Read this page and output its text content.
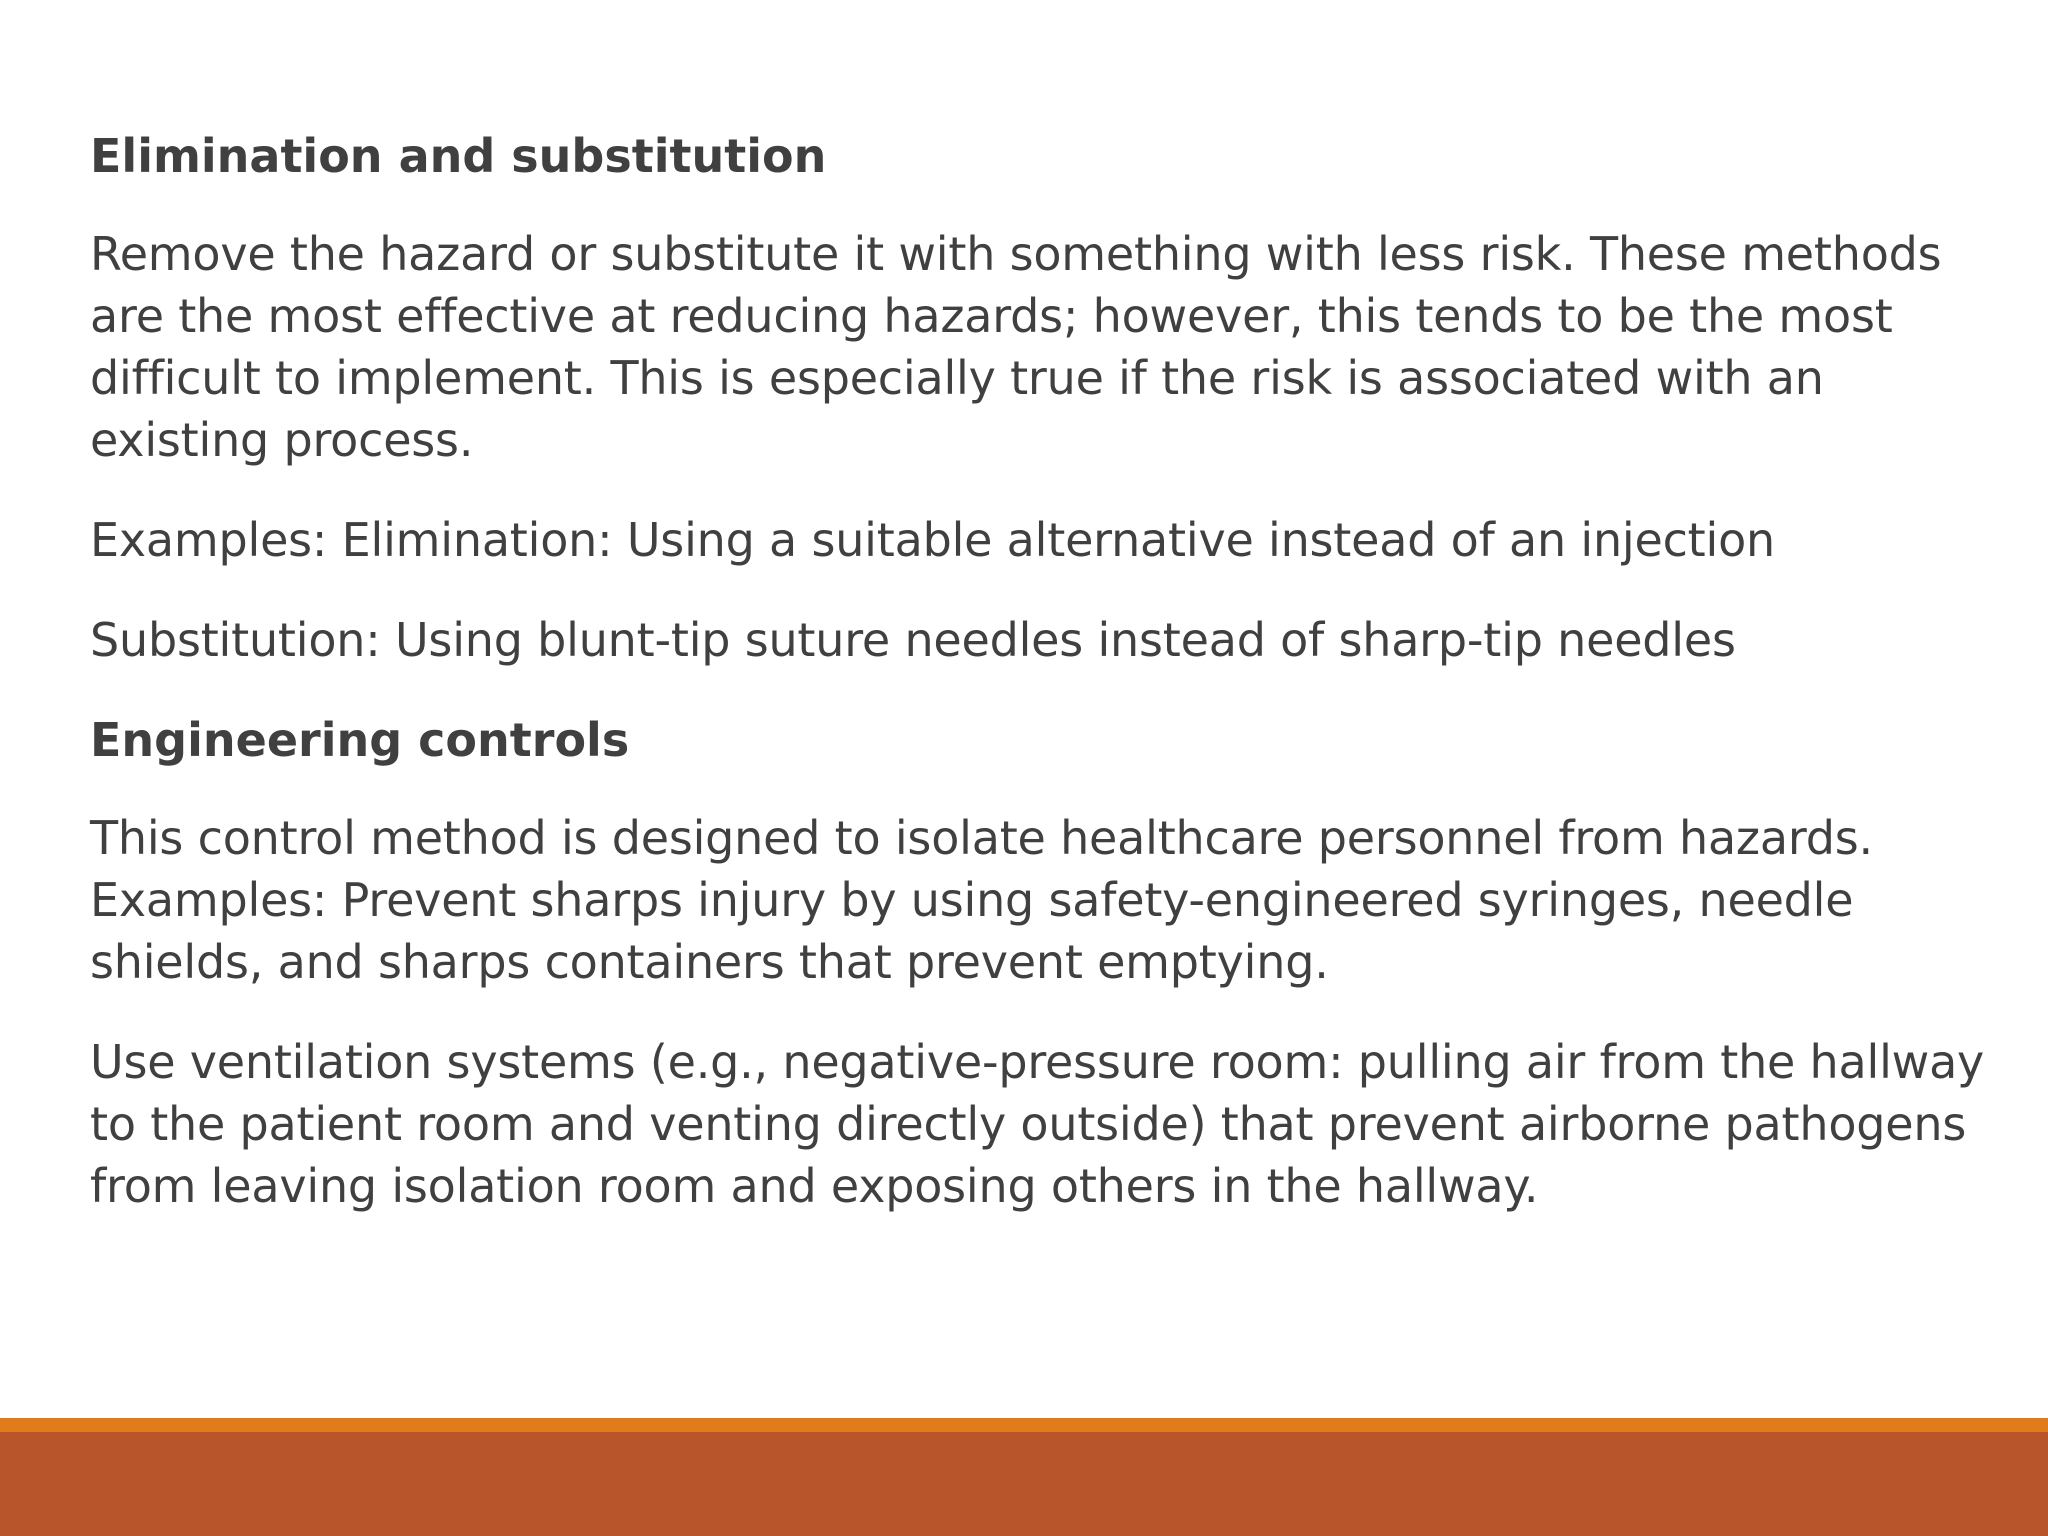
Elimination and substitution
Remove the hazard or substitute it with something with less risk. These methods are the most effective at reducing hazards; however, this tends to be the most difficult to implement. This is especially true if the risk is associated with an existing process.
Examples: Elimination: Using a suitable alternative instead of an injection
Substitution: Using blunt-tip suture needles instead of sharp-tip needles
Engineering controls
This control method is designed to isolate healthcare personnel from hazards. Examples: Prevent sharps injury by using safety-engineered syringes, needle shields, and sharps containers that prevent emptying.
Use ventilation systems (e.g., negative-pressure room: pulling air from the hallway to the patient room and venting directly outside) that prevent airborne pathogens from leaving isolation room and exposing others in the hallway.
